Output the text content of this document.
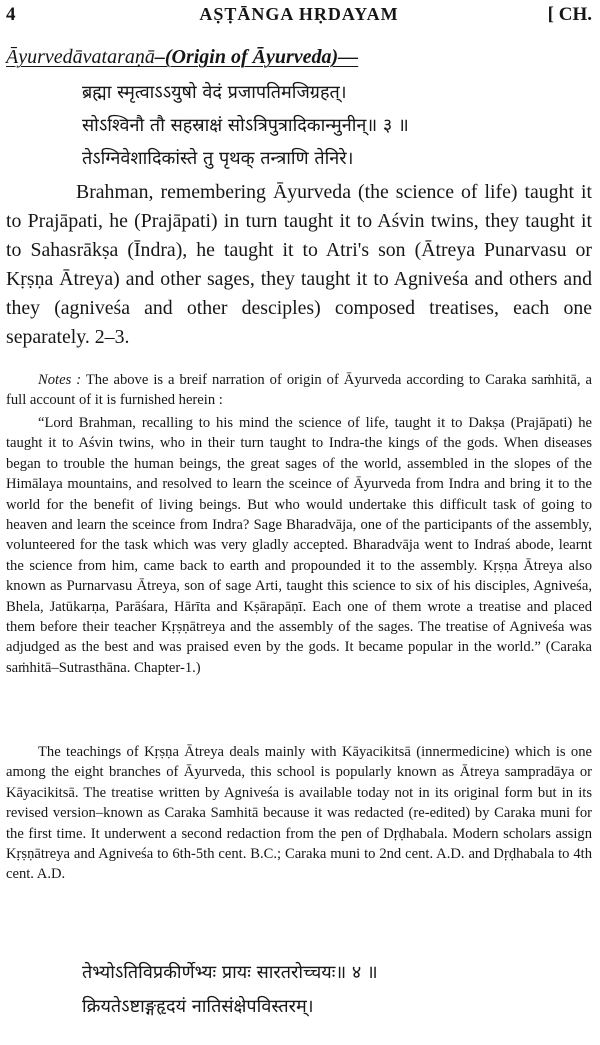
4	AṢṬĀNGA HṚDAYAM	[ CH.
Āyurvedāvataraṇā–(Origin of Āyurveda)—
ब्रह्मा स्मृत्वाऽऽयुषो वेदं प्रजापतिमजिग्रहत्।
सोऽश्विनौ तौ सहस्राक्षं सोऽत्रिपुत्रादिकान्मुनीन्॥ ३ ॥
तेऽग्निवेशादिकांस्ते तु पृथक् तन्त्राणि तेनिरे।

Brahman, remembering Āyurveda (the science of life) taught it to Prajāpati, he (Prajāpati) in turn taught it to Aśvin twins, they taught it to Sahasrākṣa (Īndra), he taught it to Atri's son (Ātreya Punarvasu or Kṛṣṇa Ātreya) and other sages, they taught it to Agniveśa and others and they (agniveśa and other desciples) composed treatises, each one separately. 2–3.

Notes : The above is a breif narration of origin of Āyurveda according to Caraka saṁhitā, a full account of it is furnished herein :

“Lord Brahman, recalling to his mind the science of life, taught it to Dakṣa (Prajāpati) he taught it to Aśvin twins, who in their turn taught to Indra-the kings of the gods. When diseases began to trouble the human beings, the great sages of the world, assembled in the slopes of the Himālaya mountains, and resolved to learn the sceince of Āyurveda from Indra and bring it to the world for the benefit of living beings. But who would undertake this difficult task of going to heaven and learn the sceince from Indra? Sage Bharadvāja, one of the participants of the assembly, volunteered for the task which was very gladly accepted. Bharadvāja went to Indraś abode, learnt the science from him, came back to earth and propounded it to the assembly. Kṛṣṇa Ātreya also known as Purnarvasu Ātreya, son of sage Arti, taught this science to six of his disciples, Agniveśa, Bhela, Jatūkarṇa, Parāśara, Hārīta and Kṣārapāṇī. Each one of them wrote a treatise and placed them before their teacher Kṛṣṇātreya and the assembly of the sages. The treatise of Agniveśa was adjudged as the best and was praised even by the gods. It became popular in the world.” (Caraka saṁhitā–Sutrasthāna. Chapter-1.)

The teachings of Kṛṣṇa Ātreya deals mainly with Kāyacikitsā (innermedicine) which is one among the eight branches of Āyurveda, this school is popularly known as Ātreya sampradāya or Kāyacikitsā. The treatise written by Agniveśa is available today not in its original form but in its revised version–known as Caraka Samhitā because it was redacted (re-edited) by Caraka muni for the first time. It underwent a second redaction from the pen of Dṛḍhabala. Modern scholars assign Kṛṣṇātreya and Agniveśa to 6th-5th cent. B.C.; Caraka muni to 2nd cent. A.D. and Dṛḍhabala to 4th cent. A.D.

तेभ्योऽतिविप्रकीर्णेभ्यः प्रायः सारतरोच्चयः॥ ४ ॥
क्रियतेऽष्टाङ्गहृदयं नातिसंक्षेपविस्तरम्।
